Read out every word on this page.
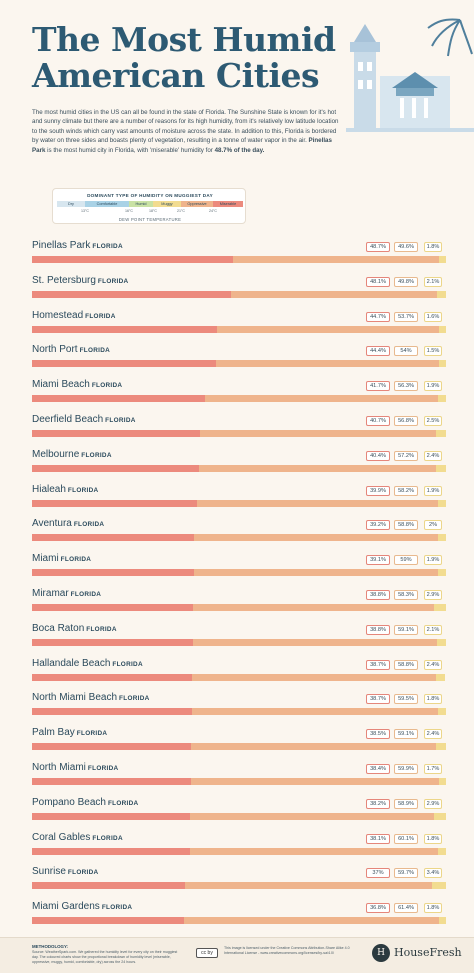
The Most Humid American Cities
The most humid cities in the US can all be found in the state of Florida. The Sunshine State is known for it's hot and sunny climate but there are a number of reasons for its high humidity, from it's relatively low latitude location to the south winds which carry vast amounts of moisture across the state. In addition to this, Florida is bordered by water on three sides and boasts plenty of vegetation, resulting in a tonne of water vapor in the air. Pinellas Park is the most humid city in Florida, with 'miserable' humidity for 48.7% of the day.
DOMINANT TYPE OF HUMIDITY ON MUGGIEST DAY
Dry	Comfortable	Humid	Muggy	Oppressive	Miserable
13°C	16°C	18°C	21°C	24°C
DEW POINT TEMPERATURE
Pinellas Park FLORIDA	48.7%	49.6%	1.8%
St. Petersburg FLORIDA	48.1%	49.8%	2.1%
Homestead FLORIDA	44.7%	53.7%	1.6%
North Port FLORIDA	44.4%	54%	1.5%
Miami Beach FLORIDA	41.7%	56.3%	1.9%
Deerfield Beach FLORIDA	40.7%	56.8%	2.5%
Melbourne FLORIDA	40.4%	57.2%	2.4%
Hialeah FLORIDA	39.9%	58.2%	1.9%
Aventura FLORIDA	39.2%	58.8%	2%
Miami FLORIDA	39.1%	59%	1.9%
Miramar FLORIDA	38.8%	58.3%	2.9%
Boca Raton FLORIDA	38.8%	59.1%	2.1%
Hallandale Beach FLORIDA	38.7%	58.8%	2.4%
North Miami Beach FLORIDA	38.7%	59.5%	1.8%
Palm Bay FLORIDA	38.5%	59.1%	2.4%
North Miami FLORIDA	38.4%	59.9%	1.7%
Pompano Beach FLORIDA	38.2%	58.9%	2.9%
Coral Gables FLORIDA	38.1%	60.1%	1.8%
Sunrise FLORIDA	37%	59.7%	3.4%
Miami Gardens FLORIDA	36.8%	61.4%	1.8%
METHODOLOGY:
Source: WeatherSpark.com. We gathered the humidity level for every city on their muggiest day. The coloured charts show the proportional breakdown of humidity level (miserable, oppressive, muggy, humid, comfortable, dry) across the 24 hours.
cc by
This image is licensed under the Creative Commons Attribution-Share Alike 4.0 International License - www.creativecommons.org/licenses/by-sa/4.0/	H HouseFresh
